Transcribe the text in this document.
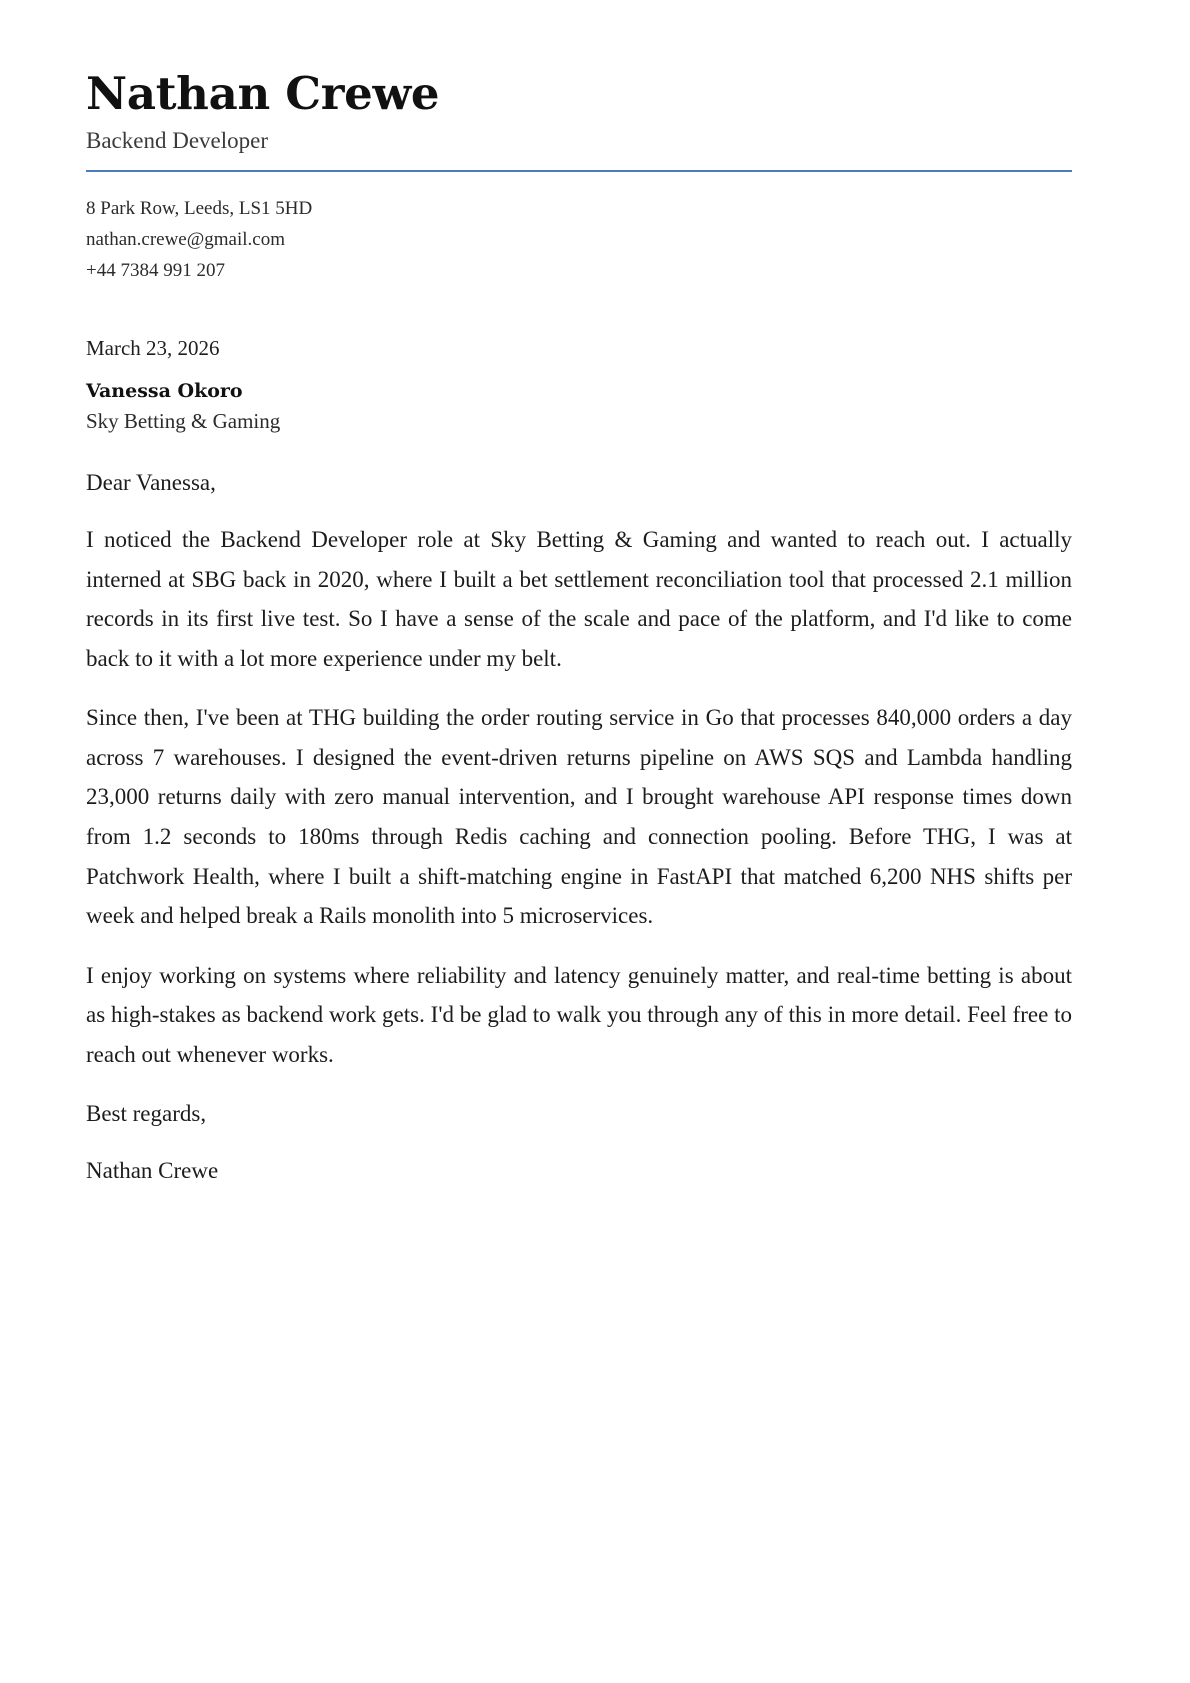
Nathan Crewe
Backend Developer
8 Park Row, Leeds, LS1 5HD
nathan.crewe@gmail.com
+44 7384 991 207
March 23, 2026
Vanessa Okoro
Sky Betting & Gaming

Dear Vanessa,

I noticed the Backend Developer role at Sky Betting & Gaming and wanted to reach out. I actually interned at SBG back in 2020, where I built a bet settlement reconciliation tool that processed 2.1 million records in its first live test. So I have a sense of the scale and pace of the platform, and I'd like to come back to it with a lot more experience under my belt.

Since then, I've been at THG building the order routing service in Go that processes 840,000 orders a day across 7 warehouses. I designed the event-driven returns pipeline on AWS SQS and Lambda handling 23,000 returns daily with zero manual intervention, and I brought warehouse API response times down from 1.2 seconds to 180ms through Redis caching and connection pooling. Before THG, I was at Patchwork Health, where I built a shift-matching engine in FastAPI that matched 6,200 NHS shifts per week and helped break a Rails monolith into 5 microservices.

I enjoy working on systems where reliability and latency genuinely matter, and real-time betting is about as high-stakes as backend work gets. I'd be glad to walk you through any of this in more detail. Feel free to reach out whenever works.

Best regards,

Nathan Crewe
